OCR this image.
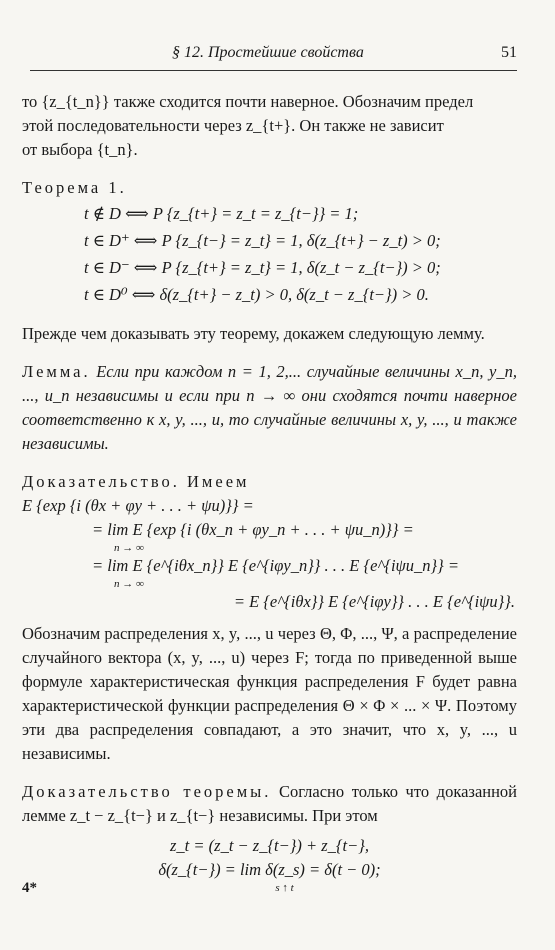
§ 12. Простейшие свойства	51

то {z_{t_n}} также сходится почти наверное. Обозначим предел

этой последовательности через z_{t+}. Он также не зависит

от выбора {t_n}.

Теорема 1.

t ∉ D ⟺ P {z_{t+} = z_t = z_{t−}} = 1;
t ∈ D⁺ ⟺ P {z_{t−} = z_t} = 1, δ(z_{t+} − z_t) > 0;
t ∈ D⁻ ⟺ P {z_{t+} = z_t} = 1, δ(z_t − z_{t−}) > 0;
t ∈ D⁰ ⟺ δ(z_{t+} − z_t) > 0, δ(z_t − z_{t−}) > 0.

Прежде чем доказывать эту теорему, докажем следующую лемму.

Лемма. Если при каждом n = 1, 2,... случайные величины x_n, y_n, ..., u_n независимы и если при n → ∞ они сходятся почти наверное соответственно к x, y, ..., u, то случайные величины x, y, ..., u также независимы.

Доказательство. Имеем

E {exp {i (θx + φy + . . . + ψu)}} =
= lim E {exp {i (θx_n + φy_n + . . . + ψu_n)}} =
n → ∞
= lim E {e^{iθx_n}} E {e^{iφy_n}} . . . E {e^{iψu_n}} =
n → ∞
= E {e^{iθx}} E {e^{iφy}} . . . E {e^{iψu}}.

Обозначим распределения x, y, ..., u через Θ, Φ, ..., Ψ, а распределение случайного вектора (x, y, ..., u) через F; тогда по приведенной выше формуле характеристическая функция распределения F будет равна характеристической функции распределения Θ × Φ × ... × Ψ. Поэтому эти два распределения совпадают, а это значит, что x, y, ..., u независимы.

Доказательство теоремы. Согласно только что доказанной лемме z_t − z_{t−} и z_{t−} независимы. При этом

z_t = (z_t − z_{t−}) + z_{t−},
δ(z_{t−}) = lim δ(z_s) = δ(t − 0);
s ↑ t
4*
